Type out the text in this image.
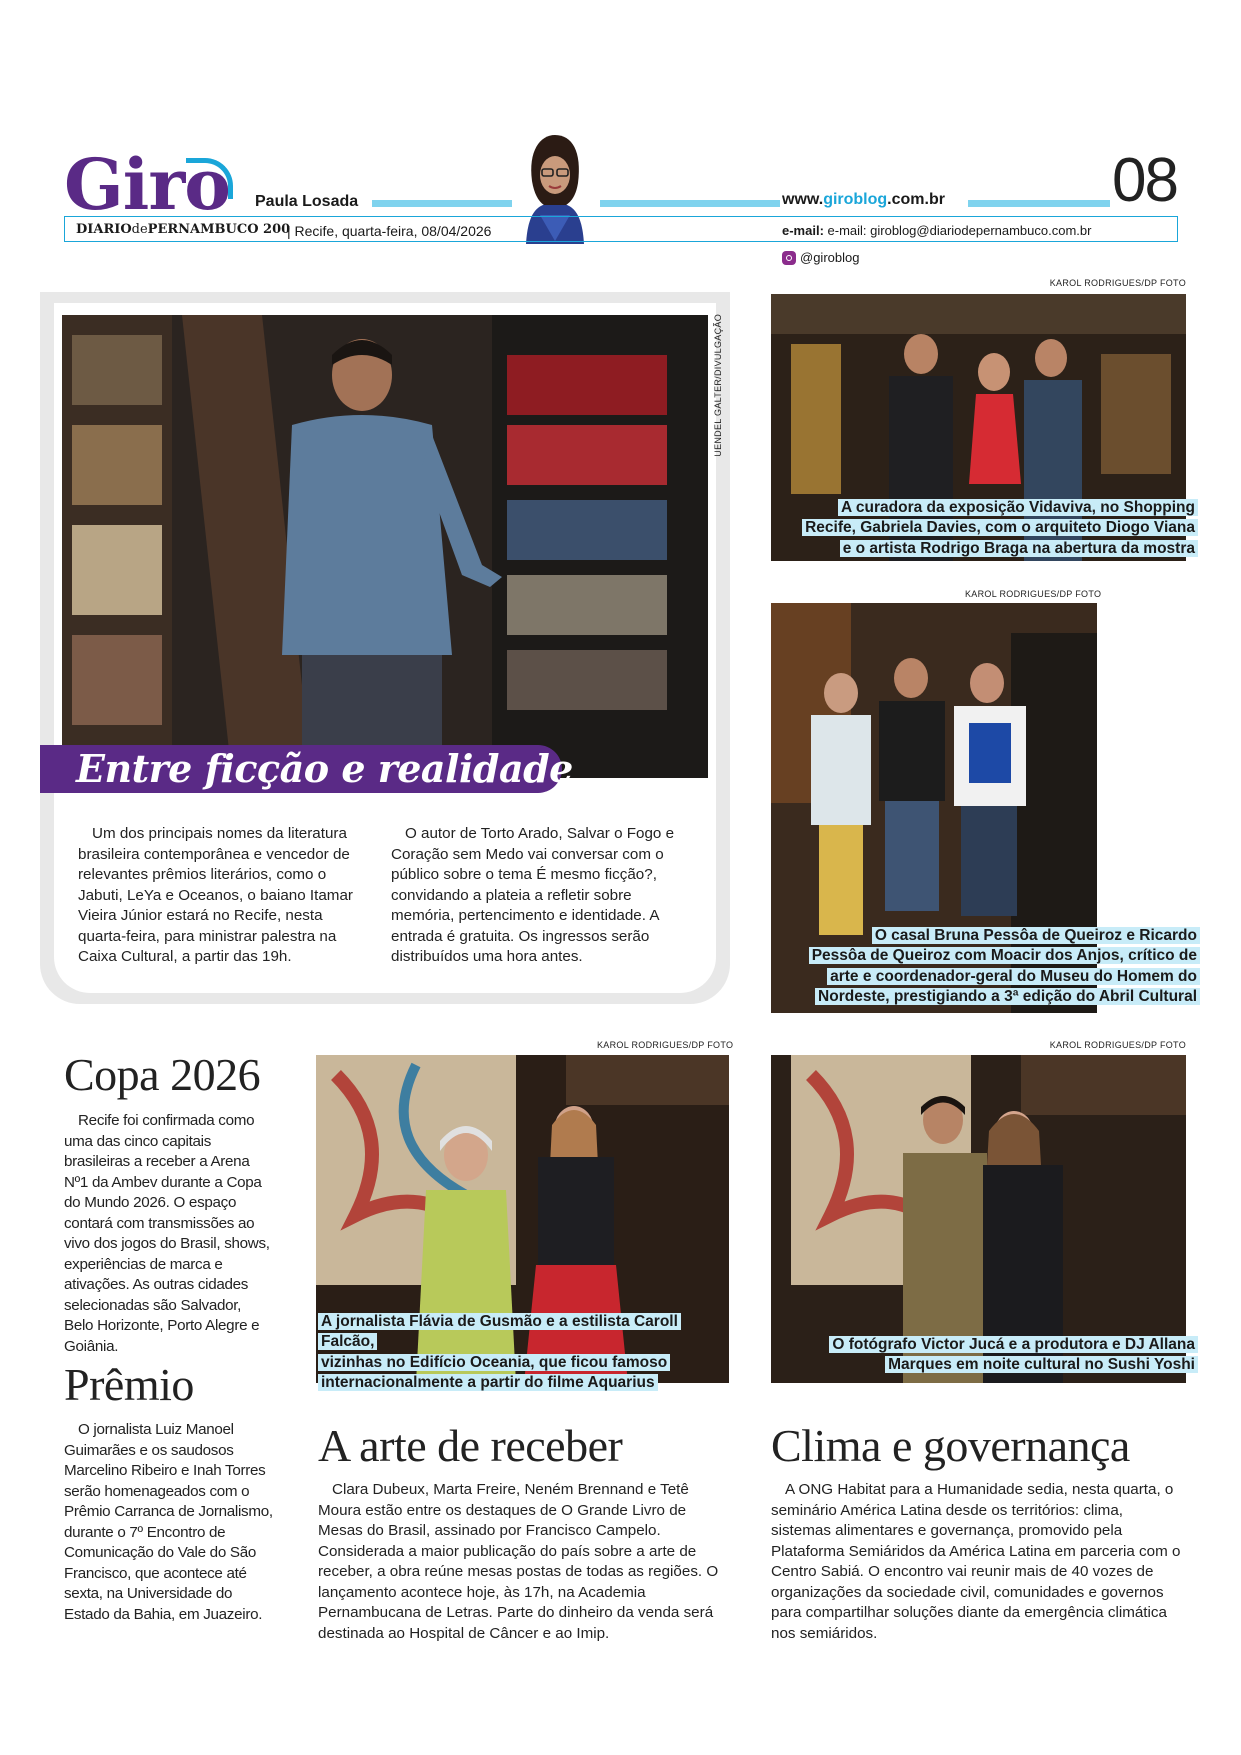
Giro Paula Losada	www.giroblog.com.br	08
DIARIOdePERNAMBUCO 200
| Recife, quarta-feira, 08/04/2026	e-mail: e-mail: giroblog@diariodepernambuco.com.br
@giroblog
UENDEL GALTER/DIVULGAÇÃO
Entre ficção e realidade

Um dos principais nomes da literatura brasileira contemporânea e vencedor de relevantes prêmios literários, como o Jabuti, LeYa e Oceanos, o baiano Itamar Vieira Júnior estará no Recife, nesta quarta-feira, para ministrar palestra na Caixa Cultural, a partir das 19h.

O autor de Torto Arado, Salvar o Fogo e Coração sem Medo vai conversar com o público sobre o tema É mesmo ficção?, convidando a plateia a refletir sobre memória, pertencimento e identidade. A entrada é gratuita. Os ingressos serão distribuídos uma hora antes.

KAROL RODRIGUES/DP FOTO
A curadora da exposição Vidaviva, no Shopping
Recife, Gabriela Davies, com o arquiteto Diogo Viana
e o artista Rodrigo Braga na abertura da mostra
KAROL RODRIGUES/DP FOTO
O casal Bruna Pessôa de Queiroz e Ricardo
Pessôa de Queiroz com Moacir dos Anjos, crítico de
arte e coordenador-geral do Museu do Homem do
Nordeste, prestigiando a 3ª edição do Abril Cultural
KAROL RODRIGUES/DP FOTO
A jornalista Flávia de Gusmão e a estilista Caroll Falcão,
vizinhas no Edifício Oceania, que ficou famoso
internacionalmente a partir do filme Aquarius
KAROL RODRIGUES/DP FOTO
O fotógrafo Victor Jucá e a produtora e DJ Allana
Marques em noite cultural no Sushi Yoshi
Copa 2026

Recife foi confirmada como uma das cinco capitais brasileiras a receber a Arena Nº1 da Ambev durante a Copa do Mundo 2026. O espaço contará com transmissões ao vivo dos jogos do Brasil, shows, experiências de marca e ativações. As outras cidades selecionadas são Salvador, Belo Horizonte, Porto Alegre e Goiânia.

Prêmio

O jornalista Luiz Manoel Guimarães e os saudosos Marcelino Ribeiro e Inah Torres serão homenageados com o Prêmio Carranca de Jornalismo, durante o 7º Encontro de Comunicação do Vale do São Francisco, que acontece até sexta, na Universidade do Estado da Bahia, em Juazeiro.

A arte de receber

Clara Dubeux, Marta Freire, Neném Brennand e Tetê Moura estão entre os destaques de O Grande Livro de Mesas do Brasil, assinado por Francisco Campelo. Considerada a maior publicação do país sobre a arte de receber, a obra reúne mesas postas de todas as regiões. O lançamento acontece hoje, às 17h, na Academia Pernambucana de Letras. Parte do dinheiro da venda será destinada ao Hospital de Câncer e ao Imip.

Clima e governança

A ONG Habitat para a Humanidade sedia, nesta quarta, o seminário América Latina desde os territórios: clima, sistemas alimentares e governança, promovido pela Plataforma Semiáridos da América Latina em parceria com o Centro Sabiá. O encontro vai reunir mais de 40 vozes de organizações da sociedade civil, comunidades e governos para compartilhar soluções diante da emergência climática nos semiáridos.
